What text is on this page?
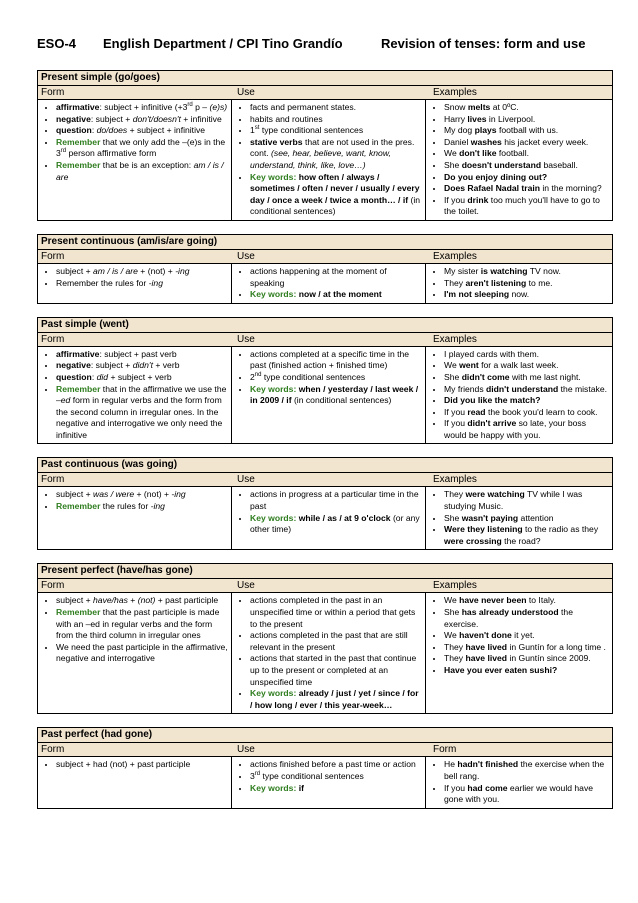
ESO-4	English Department / CPI Tino Grandío	Revision of tenses: form and use
Present simple (go/goes)
Form	Use	Examples
• affirmative: subject + infinitive (+3rd p – (e)s)
• negative: subject + don't/doesn't + infinitive
• question: do/does + subject + infinitive
• Remember that we only add the –(e)s in the 3rd person affirmative form
• Remember that be is an exception: am / is / are
• facts and permanent states.
• habits and routines
• 1st type conditional sentences
• stative verbs that are not used in the pres. cont. (see, hear, believe, want, know, understand, think, like, love…)
• Key words: how often / always / sometimes / often / never / usually / every day / once a week / twice a month… / if (in conditional sentences)
• Snow melts at 0ºC.
• Harry lives in Liverpool.
• My dog plays football with us.
• Daniel washes his jacket every week.
• We don't like football.
• She doesn't understand baseball.
• Do you enjoy dining out?
• Does Rafael Nadal train in the morning?
• If you drink too much you'll have to go to the toilet.
Present continuous (am/is/are going)
Form	Use	Examples
• subject + am / is / are + (not) + -ing
• Remember the rules for -ing
• actions happening at the moment of speaking
• Key words: now / at the moment
• My sister is watching TV now.
• They aren't listening to me.
• I'm not sleeping now.
Past simple (went)
Form	Use	Examples
• affirmative: subject + past verb
• negative: subject + didn't + verb
• question: did + subject + verb
• Remember that in the affirmative we use the –ed form in regular verbs and the form from the second column in irregular ones. In the negative and interrogative we only need the infinitive
• actions completed at a specific time in the past (finished action + finished time)
• 2nd type conditional sentences
• Key words: when / yesterday / last week / in 2009 / if (in conditional sentences)
• I played cards with them.
• We went for a walk last week.
• She didn't come with me last night.
• My friends didn't understand the mistake.
• Did you like the match?
• If you read the book you'd learn to cook.
• If you didn't arrive so late, your boss would be happy with you.
Past continuous (was going)
Form	Use	Examples
• subject + was / were + (not) + -ing
• Remember the rules for -ing
• actions in progress at a particular time in the past
• Key words: while / as / at 9 o'clock (or any other time)
• They were watching TV while I was studying Music.
• She wasn't paying attention
• Were they listening to the radio as they were crossing the road?
Present perfect (have/has gone)
Form	Use	Examples
• subject + have/has + (not) + past participle
• Remember that the past participle is made with an –ed in regular verbs and the form from the third column in irregular ones
• We need the past participle in the affirmative, negative and interrogative
• actions completed in the past in an unspecified time or within a period that gets to the present
• actions completed in the past that are still relevant in the present
• actions that started in the past that continue up to the present or completed at an unspecified time
• Key words: already / just / yet / since / for / how long / ever / this year-week…
• We have never been to Italy.
• She has already understood the exercise.
• We haven't done it yet.
• They have lived in Guntín for a long time .
• They have lived in Guntín since 2009.
• Have you ever eaten sushi?
Past perfect (had gone)
Form	Use	Form
• subject + had (not) + past participle
•	actions finished before a past time or action
• 3rd type conditional sentences
• Key words: if
• He hadn't finished the exercise when the bell rang.
• If you had come earlier we would have gone with you.
